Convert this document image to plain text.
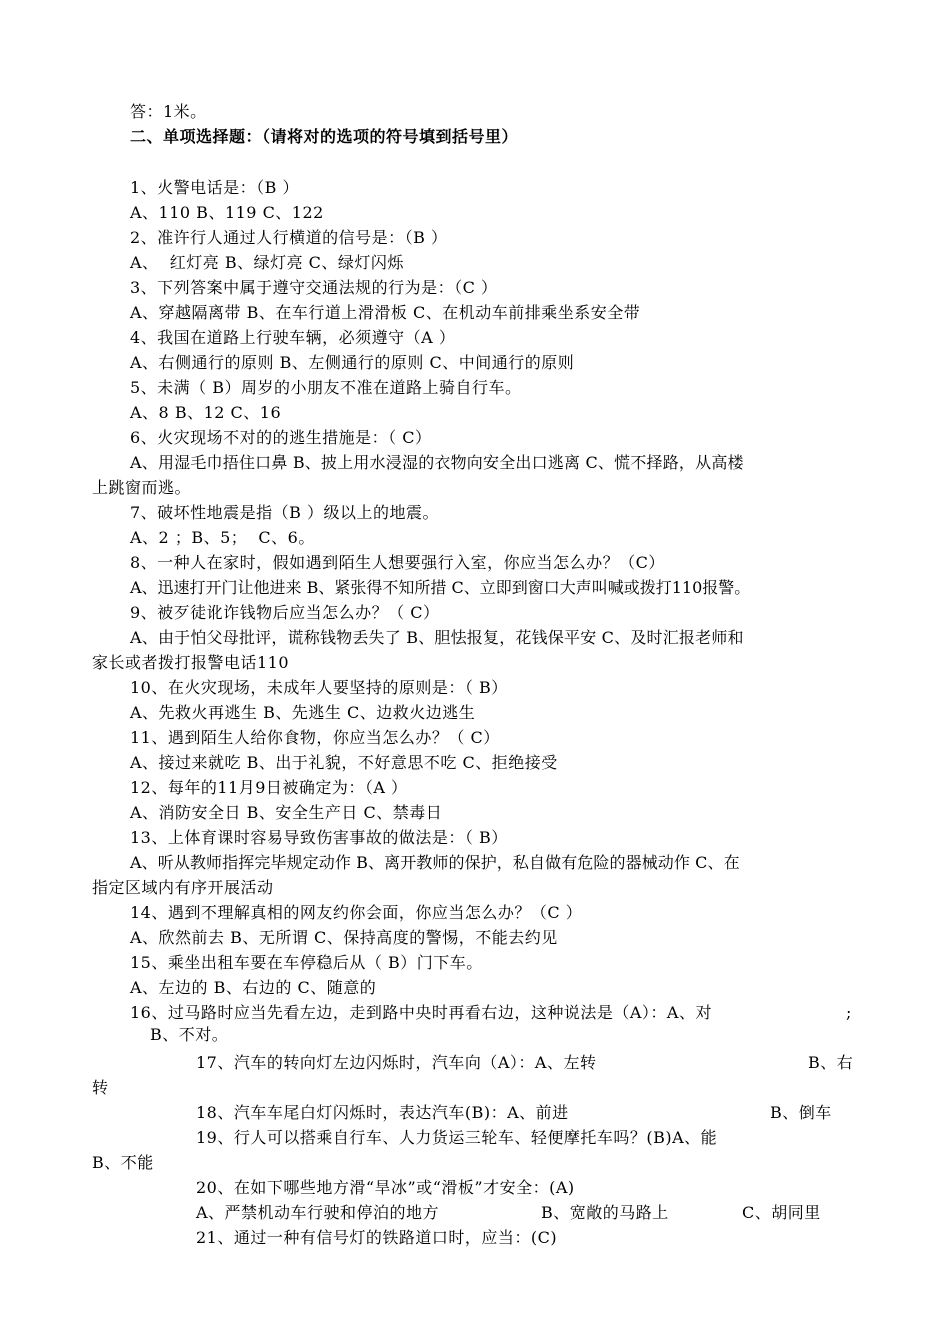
答：1米。
二、单项选择题：（请将对的选项的符号填到括号里）
1、火警电话是：（B ）
A、110 B、119 C、122
2、准许行人通过人行横道的信号是：（B ）
A、  红灯亮 B、绿灯亮 C、绿灯闪烁
3、下列答案中属于遵守交通法规的行为是：（C ）
A、穿越隔离带 B、在车行道上滑滑板 C、在机动车前排乘坐系安全带
4、我国在道路上行驶车辆，必须遵守（A ）
A、右侧通行的原则 B、左侧通行的原则 C、中间通行的原则
5、未满（ B）周岁的小朋友不准在道路上骑自行车。
A、8 B、12 C、16
6、火灾现场不对的的逃生措施是：（ C）
A、用湿毛巾捂住口鼻 B、披上用水浸湿的衣物向安全出口逃离 C、慌不择路，从高楼
上跳窗而逃。
7、破坏性地震是指（B ）级以上的地震。
A、2 ；B、5；  C、6。
8、一种人在家时，假如遇到陌生人想要强行入室，你应当怎么办？（C）
A、迅速打开门让他进来 B、紧张得不知所措 C、立即到窗口大声叫喊或拨打110报警。
9、被歹徒讹诈钱物后应当怎么办？（ C）
A、由于怕父母批评，谎称钱物丢失了 B、胆怯报复，花钱保平安 C、及时汇报老师和
家长或者拨打报警电话110
10、在火灾现场，未成年人要坚持的原则是：（ B）
A、先救火再逃生 B、先逃生 C、边救火边逃生
11、遇到陌生人给你食物，你应当怎么办？（ C）
A、接过来就吃 B、出于礼貌，不好意思不吃 C、拒绝接受
12、每年的11月9日被确定为：（A ）
A、消防安全日 B、安全生产日 C、禁毒日
13、上体育课时容易导致伤害事故的做法是：（ B）
A、听从教师指挥完毕规定动作 B、离开教师的保护，私自做有危险的器械动作 C、在
指定区域内有序开展活动
14、遇到不理解真相的网友约你会面，你应当怎么办？（C ）
A、欣然前去 B、无所谓 C、保持高度的警惕，不能去约见
15、乘坐出租车要在车停稳后从（ B）门下车。
A、左边的 B、右边的 C、随意的
16、过马路时应当先看左边，走到路中央时再看右边，这种说法是（A）：A、对	;
B、不对。
17、汽车的转向灯左边闪烁时，汽车向（A）：A、左转	B、右
转
18、汽车车尾白灯闪烁时，表达汽车(B)：A、前进	B、倒车
19、行人可以搭乘自行车、人力货运三轮车、轻便摩托车吗？(B)A、能
B、不能
20、在如下哪些地方滑“旱冰”或“滑板”才安全：(A)
A、严禁机动车行驶和停泊的地方	B、宽敞的马路上	C、胡同里
21、通过一种有信号灯的铁路道口时，应当：(C)
